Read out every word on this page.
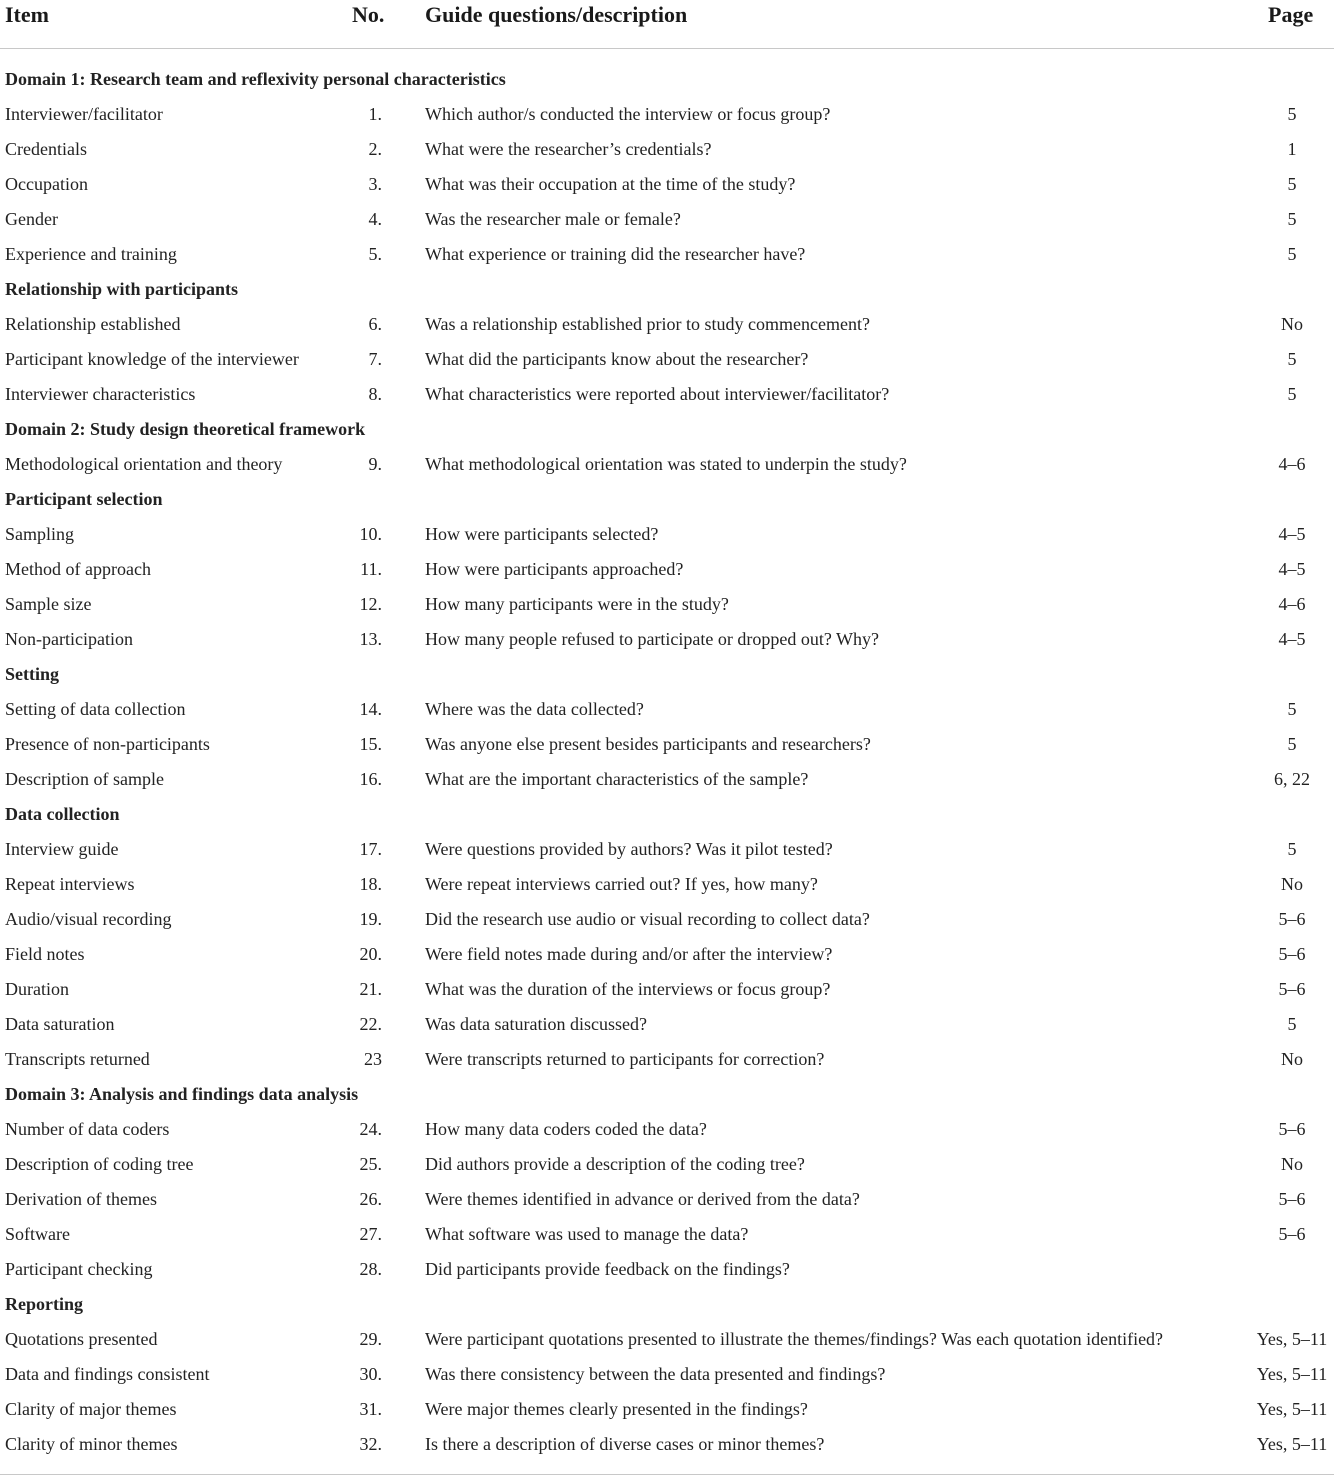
Item	No. Guide questions/description	Page
Domain 1: Research team and reflexivity personal characteristics
Interviewer/facilitator	1. Which author/s conducted the interview or focus group?	5
Credentials	2. What were the researcher’s credentials?	1
Occupation	3. What was their occupation at the time of the study?	5
Gender	4. Was the researcher male or female?	5
Experience and training	5. What experience or training did the researcher have?	5
Relationship with participants
Relationship established	6. Was a relationship established prior to study commencement?	No
Participant knowledge of the interviewer	7. What did the participants know about the researcher?	5
Interviewer characteristics	8. What characteristics were reported about interviewer/facilitator?	5
Domain 2: Study design theoretical framework
Methodological orientation and theory	9. What methodological orientation was stated to underpin the study?	4–6
Participant selection
Sampling	10. How were participants selected?	4–5
Method of approach	11. How were participants approached?	4–5
Sample size	12. How many participants were in the study?	4–6
Non-participation	13. How many people refused to participate or dropped out? Why?	4–5
Setting
Setting of data collection	14. Where was the data collected?	5
Presence of non-participants	15. Was anyone else present besides participants and researchers?	5
Description of sample	16. What are the important characteristics of the sample?	6, 22
Data collection
Interview guide	17. Were questions provided by authors? Was it pilot tested?	5
Repeat interviews	18. Were repeat interviews carried out? If yes, how many?	No
Audio/visual recording	19. Did the research use audio or visual recording to collect data?	5–6
Field notes	20. Were field notes made during and/or after the interview?	5–6
Duration	21. What was the duration of the interviews or focus group?	5–6
Data saturation	22. Was data saturation discussed?	5
Transcripts returned	23 Were transcripts returned to participants for correction?	No
Domain 3: Analysis and findings data analysis
Number of data coders	24. How many data coders coded the data?	5–6
Description of coding tree	25. Did authors provide a description of the coding tree?	No
Derivation of themes	26. Were themes identified in advance or derived from the data?	5–6
Software	27. What software was used to manage the data?	5–6
Participant checking	28. Did participants provide feedback on the findings?
Reporting
Quotations presented	29. Were participant quotations presented to illustrate the themes/findings? Was each quotation identified?	Yes, 5–11
Data and findings consistent	30. Was there consistency between the data presented and findings?	Yes, 5–11
Clarity of major themes	31. Were major themes clearly presented in the findings?	Yes, 5–11
Clarity of minor themes	32. Is there a description of diverse cases or minor themes?	Yes, 5–11
